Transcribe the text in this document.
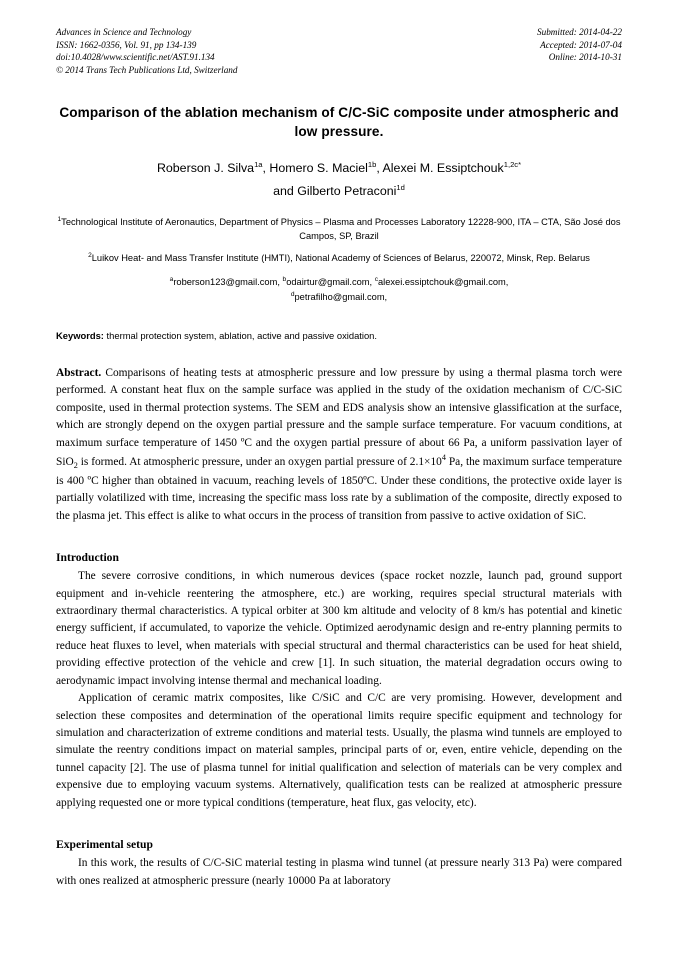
Advances in Science and Technology
ISSN: 1662-0356, Vol. 91, pp 134-139
doi:10.4028/www.scientific.net/AST.91.134
© 2014 Trans Tech Publications Ltd, Switzerland
Submitted: 2014-04-22
Accepted: 2014-07-04
Online: 2014-10-31
Comparison of the ablation mechanism of C/C-SiC composite under atmospheric and low pressure.
Roberson J. Silva$^{1a}$, Homero S. Maciel$^{1b}$, Alexei M. Essiptchouk$^{1,2c*}$
and Gilberto Petraconi$^{1d}$

$^1$Technological Institute of Aeronautics, Department of Physics – Plasma and Processes Laboratory 12228-900, ITA – CTA, São José dos Campos, SP, Brazil

$^2$Luikov Heat- and Mass Transfer Institute (HMTI), National Academy of Sciences of Belarus, 220072, Minsk, Rep. Belarus

$^a$roberson123@gmail.com, $^b$odairtur@gmail.com, $^c$alexei.essiptchouk@gmail.com,
$^d$petrafilho@gmail.com,
Keywords: thermal protection system, ablation, active and passive oxidation.
Abstract. Comparisons of heating tests at atmospheric pressure and low pressure by using a thermal plasma torch were performed. A constant heat flux on the sample surface was applied in the study of the oxidation mechanism of C/C-SiC composite, used in thermal protection systems. The SEM and EDS analysis show an intensive glassification at the surface, which are strongly depend on the oxygen partial pressure and the sample surface temperature. For vacuum conditions, at maximum surface temperature of 1450 ºC and the oxygen partial pressure of about 66 Pa, a uniform passivation layer of SiO$_2$ is formed. At atmospheric pressure, under an oxygen partial pressure of $2.1\times 10^4$ Pa, the maximum surface temperature is 400 ºC higher than obtained in vacuum, reaching levels of 1850ºC. Under these conditions, the protective oxide layer is partially volatilized with time, increasing the specific mass loss rate by a sublimation of the composite, directly exposed to the plasma jet. This effect is alike to what occurs in the process of transition from passive to active oxidation of SiC.
Introduction

The severe corrosive conditions, in which numerous devices (space rocket nozzle, launch pad, ground support equipment and in-vehicle reentering the atmosphere, etc.) are working, requires special structural materials with extraordinary thermal characteristics. A typical orbiter at 300 km altitude and velocity of 8 km/s has potential and kinetic energy sufficient, if accumulated, to vaporize the vehicle. Optimized aerodynamic design and re-entry planning permits to reduce heat fluxes to level, when materials with special structural and thermal characteristics can be used for heat shield, providing effective protection of the vehicle and crew [1]. In such situation, the material degradation occurs owing to aerodynamic impact involving intense thermal and mechanical loading.

Application of ceramic matrix composites, like C/SiC and C/C are very promising. However, development and selection these composites and determination of the operational limits require specific equipment and technology for simulation and characterization of extreme conditions and material tests. Usually, the plasma wind tunnels are employed to simulate the reentry conditions impact on material samples, principal parts of or, even, entire vehicle, depending on the tunnel capacity [2]. The use of plasma tunnel for initial qualification and selection of materials can be very complex and expensive due to employing vacuum systems. Alternatively, qualification tests can be realized at atmospheric pressure applying requested one or more typical conditions (temperature, heat flux, gas velocity, etc).

Experimental setup

In this work, the results of C/C-SiC material testing in plasma wind tunnel (at pressure nearly 313 Pa) were compared with ones realized at atmospheric pressure (nearly 10000 Pa at laboratory
